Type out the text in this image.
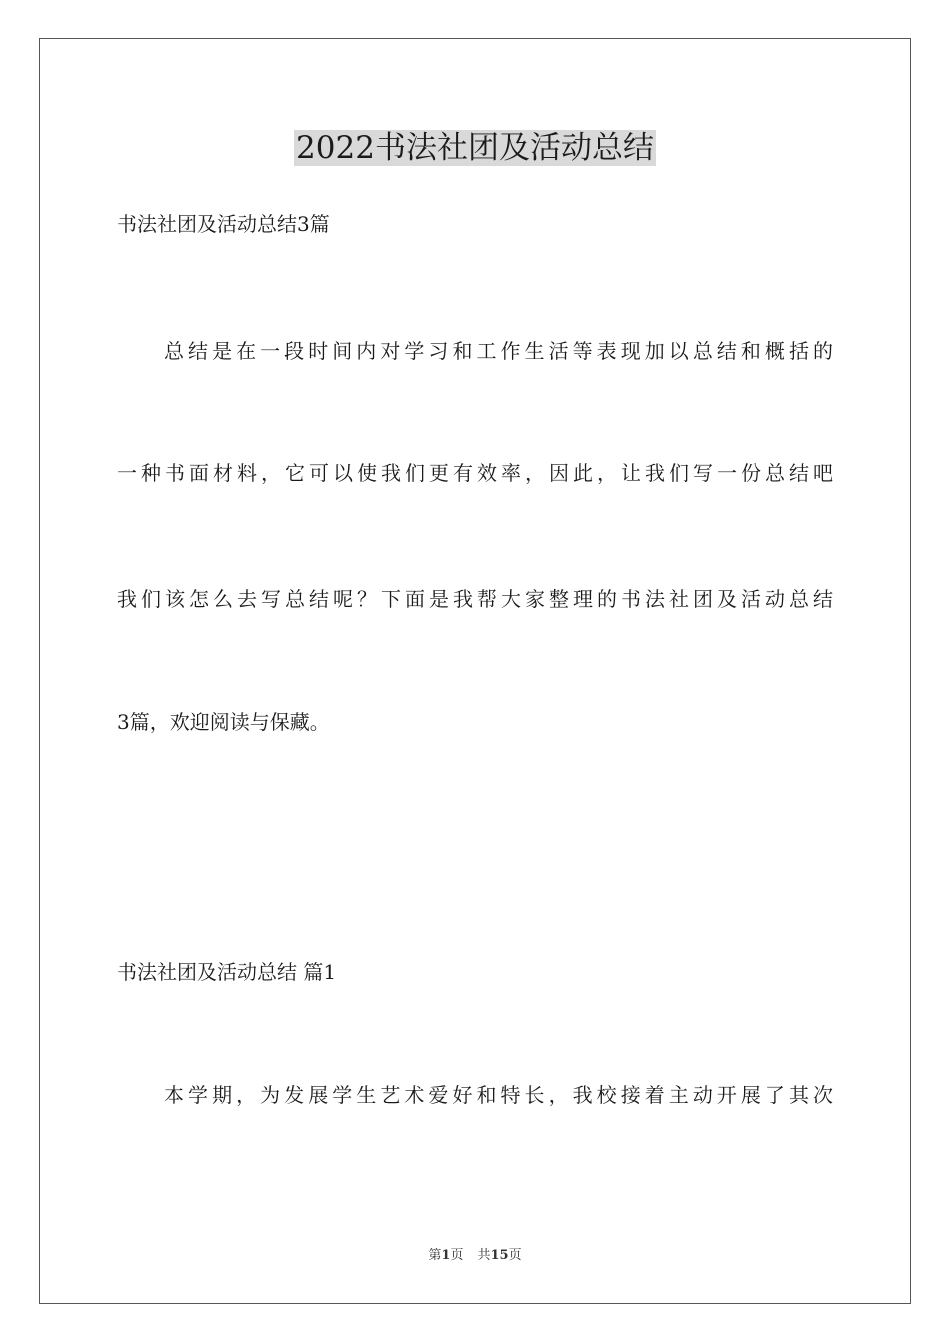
2022书法社团及活动总结

书法社团及活动总结3篇

总结是在一段时间内对学习和工作生活等表现加以总结和概括的

一种书面材料，它可以使我们更有效率，因此，让我们写一份总结吧

我们该怎么去写总结呢？下面是我帮大家整理的书法社团及活动总结

3篇，欢迎阅读与保藏。

书法社团及活动总结 篇1

本学期，为发展学生艺术爱好和特长，我校接着主动开展了其次

第1页 共15页
